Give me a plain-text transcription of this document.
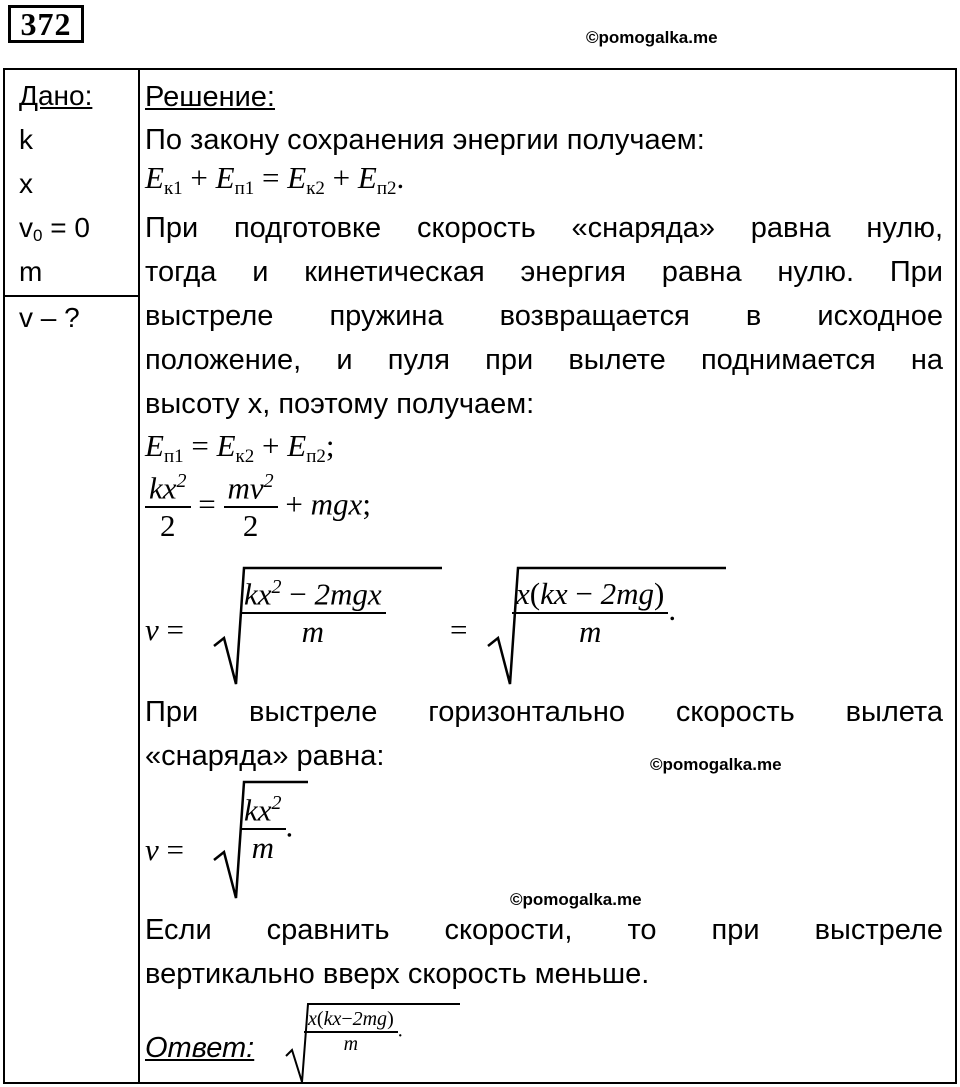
372	©pomogalka.me
Дано:
k
x
$v_0 = 0$
m
v – ?
Решение:
По закону сохранения энергии получаем:
$E_{к1} + E_{п1} = E_{к2} + E_{п2}$.
При подготовке скорость «снаряда» равна нулю,
тогда и кинетическая энергия равна нулю. При
выстреле пружина возвращается в исходное
положение, и пуля при вылете поднимается на
высоту x, поэтому получаем:
$E_{п1} = E_{к2} + E_{п2}$;
$\frac{kx^2}{2} = \frac{mv^2}{2}$ + mgx;
$v = \frac{kx^2 - 2mgx}{m} = \frac{x(kx - 2mg)}{m}$ .
При выстреле горизонтально скорость вылета
«снаряда» равна:	©pomogalka.me
$v = \frac{kx^2}{m}$ .
©pomogalka.me
Если сравнить скорости, то при выстреле
вертикально вверх скорость меньше.
Ответ:	$\frac{x(kx-2mg)}{m}$ .
